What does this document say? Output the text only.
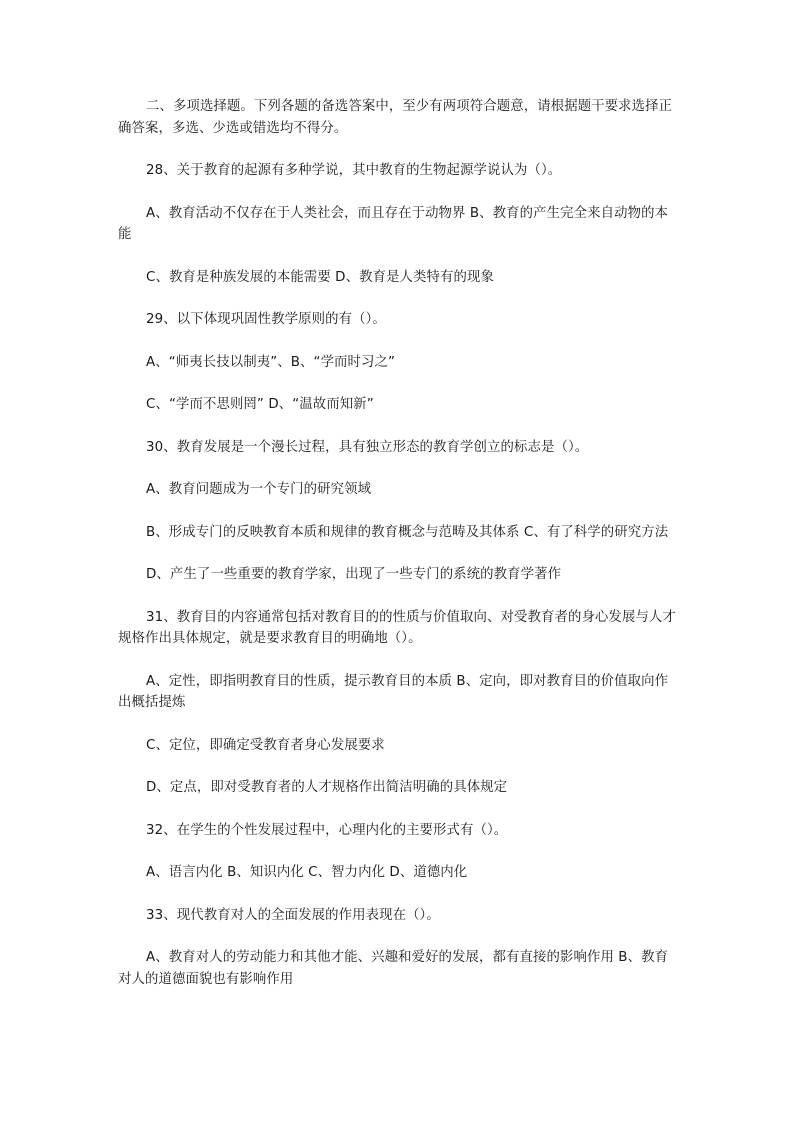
二、多项选择题。下列各题的备选答案中，至少有两项符合题意，请根据题干要求选择正确答案，多选、少选或错选均不得分。

28、关于教育的起源有多种学说，其中教育的生物起源学说认为（）。

A、教育活动不仅存在于人类社会，而且存在于动物界 B、教育的产生完全来自动物的本能

C、教育是种族发展的本能需要 D、教育是人类特有的现象

29、以下体现巩固性教学原则的有（）。

A、“师夷长技以制夷”、B、“学而时习之”

C、“学而不思则罔” D、“温故而知新”

30、教育发展是一个漫长过程，具有独立形态的教育学创立的标志是（）。

A、教育问题成为一个专门的研究领域

B、形成专门的反映教育本质和规律的教育概念与范畴及其体系 C、有了科学的研究方法

D、产生了一些重要的教育学家，出现了一些专门的系统的教育学著作

31、教育目的内容通常包括对教育目的的性质与价值取向、对受教育者的身心发展与人才规格作出具体规定，就是要求教育目的明确地（）。

A、定性，即指明教育目的性质，提示教育目的本质 B、定向，即对教育目的价值取向作出概括提炼

C、定位，即确定受教育者身心发展要求

D、定点，即对受教育者的人才规格作出简洁明确的具体规定

32、在学生的个性发展过程中，心理内化的主要形式有（）。

A、语言内化 B、知识内化 C、智力内化 D、道德内化

33、现代教育对人的全面发展的作用表现在（）。

A、教育对人的劳动能力和其他才能、兴趣和爱好的发展，都有直接的影响作用 B、教育对人的道德面貌也有影响作用
